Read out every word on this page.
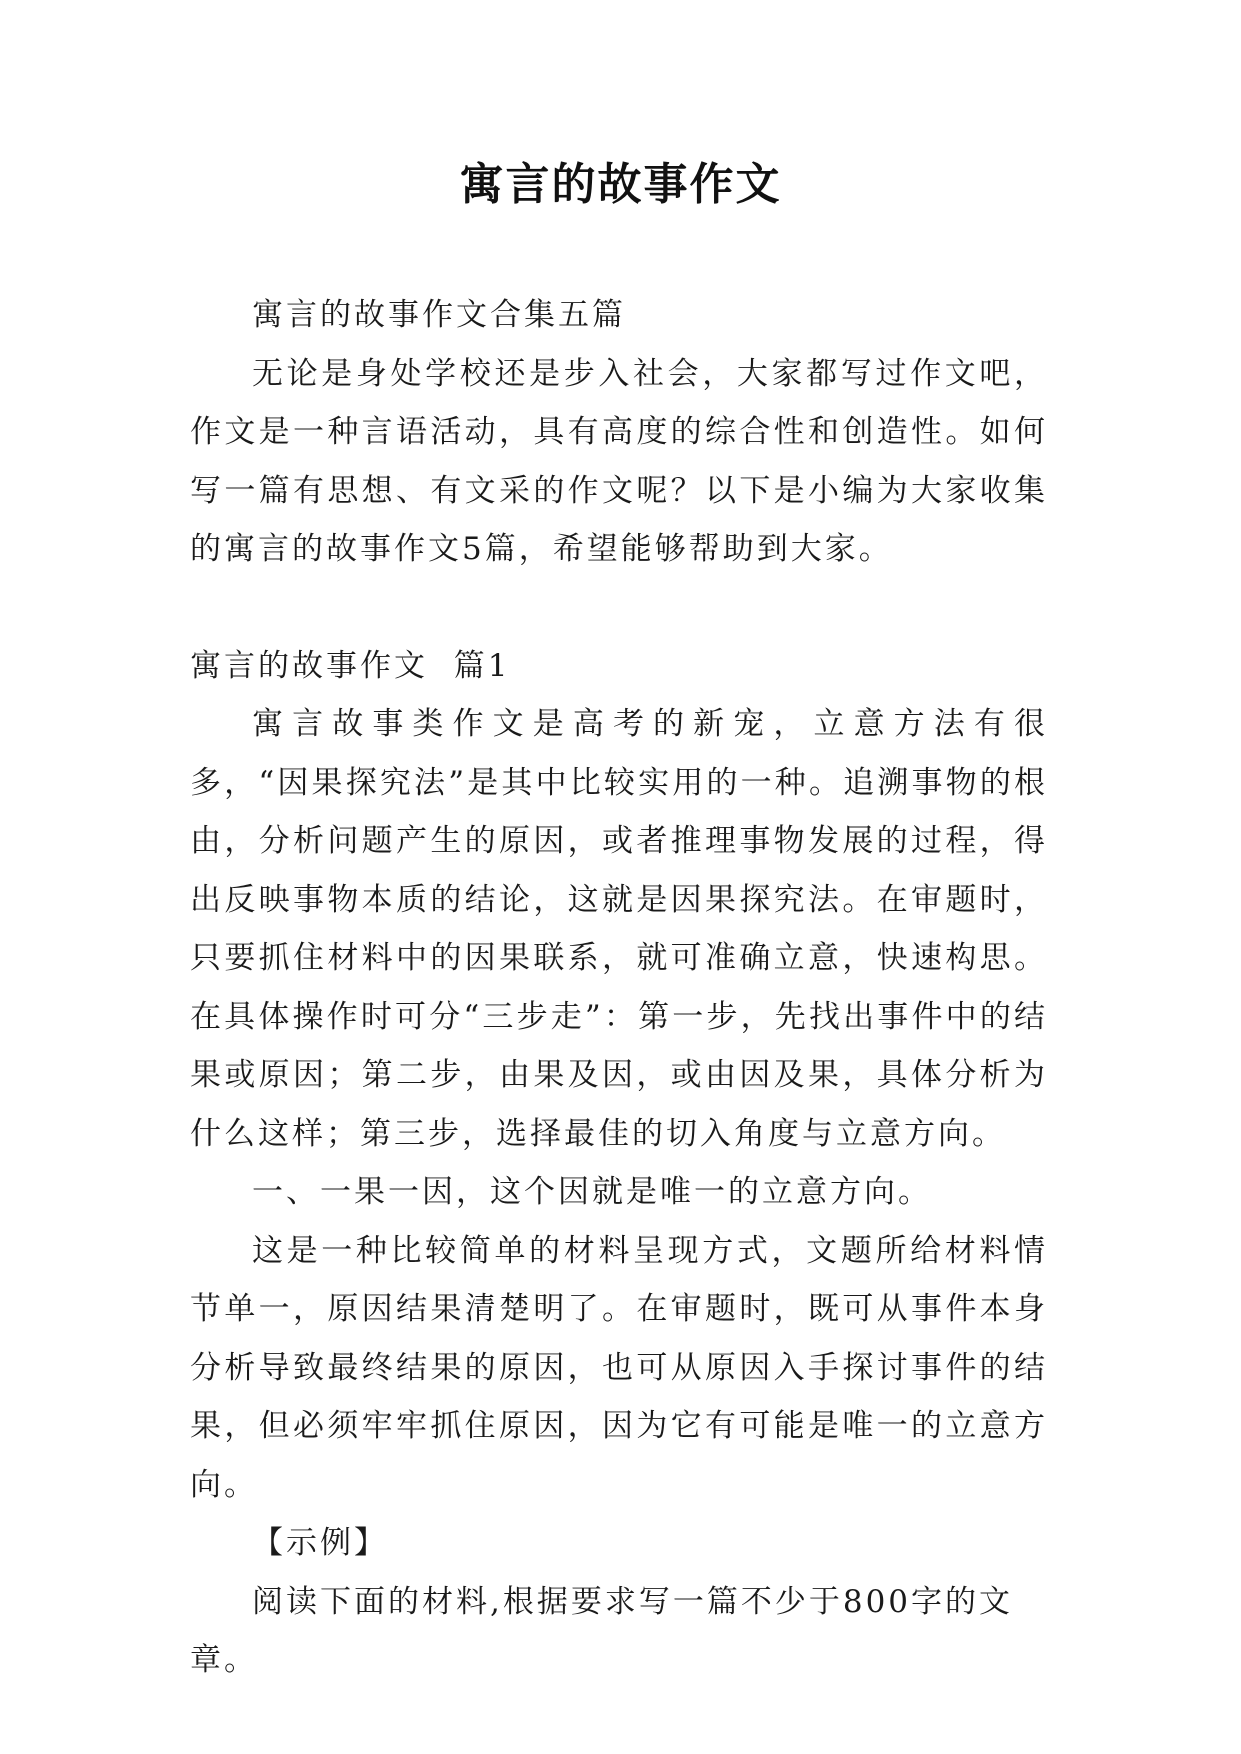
寓言的故事作文

寓言的故事作文合集五篇

无论是身处学校还是步入社会，大家都写过作文吧，作文是一种言语活动，具有高度的综合性和创造性。如何写一篇有思想、有文采的作文呢？以下是小编为大家收集的寓言的故事作文5篇，希望能够帮助到大家。

寓言的故事作文  篇1

寓言故事类作文是高考的新宠，立意方法有很多，“因果探究法”是其中比较实用的一种。追溯事物的根由，分析问题产生的原因，或者推理事物发展的过程，得出反映事物本质的结论，这就是因果探究法。在审题时，只要抓住材料中的因果联系，就可准确立意，快速构思。在具体操作时可分“三步走”：第一步，先找出事件中的结果或原因；第二步，由果及因，或由因及果，具体分析为什么这样；第三步，选择最佳的切入角度与立意方向。

一、一果一因，这个因就是唯一的立意方向。

这是一种比较简单的材料呈现方式，文题所给材料情节单一，原因结果清楚明了。在审题时，既可从事件本身分析导致最终结果的原因，也可从原因入手探讨事件的结果，但必须牢牢抓住原因，因为它有可能是唯一的立意方向。

【示例】

阅读下面的材料,根据要求写一篇不少于800字的文章。
